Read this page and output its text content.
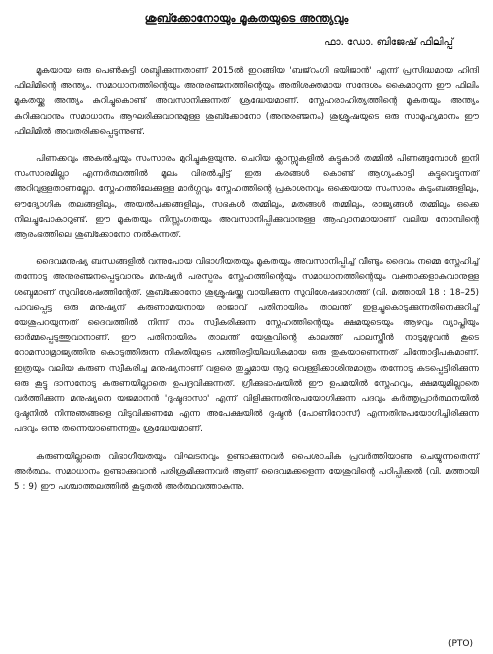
ശുബ്ക്കോനോയും മൂകതയുടെ അന്ത്യവും
ഫാ. ഡോ. ബിജേഷ് ഫിലിപ്പ്

മൂകയായ ഒരു പെൺകുട്ടി ശബ്ദിക്കുന്നതാണ് 2015ൽ ഇറങ്ങിയ 'ബജ്‌റംഗി ഭയിജാൻ' എന്ന് പ്രസിദ്ധമായ ഹിന്ദി ഫിലിമിന്റെ അന്ത്യം. സമാധാനത്തിന്റെയും അനുരഞ്ജനത്തിന്റെയും അതിശക്തമായ സന്ദേശം കൈമാറുന്ന ഈ ഫിലിം മൂകതയ്ക്കു അന്ത്യം കുറിച്ചുകൊണ്ട് അവസാനിക്കുന്നത് ശ്രദ്ധേയമാണ്. സ്നേഹരാഹിത്യത്തിന്റെ മൂകതയും അന്ത്യം കുറിക്കുവാനും സമാധാനം ആഘരിക്കുവാനുമുള്ള ശുബ്ക്കോനോ (അനുരഞ്ജനം) ശുശ്രൂഷയുടെ ഒരു സാമൂഹ്യമാനം ഈ ഫിലിമിൽ അവതരിക്കപ്പെടുന്നുണ്ട്.

പിണക്കവും അകൽച്ചയും സംസാരം മുറിച്ചുകളയുന്നു. ചെറിയ ക്ലാസ്സുകളിൽ കുട്ടുകാർ തമ്മിൽ പിണങ്ങുമ്പോൾ ഇനി സംസാരമില്ലാ എന്നർത്ഥത്തിൽ മൂലം വിരൽച്ചിട്ട് ഇരു കരങ്ങൾ കൊണ്ട് ആഗ്യംകാട്ടി കുട്ടുവെട്ടുന്നത് അറിവുള്ളതാണല്ലോ. സ്നേഹത്തിലേക്കുള്ള മാർഗ്ഗവും സ്നേഹത്തിന്റെ പ്രകാശനവും ഒക്കെയായ സംസാരം കുടുംബങ്ങളിലും, ഔദ്യോഗിക തലങ്ങളിലും, അയൽപക്കങ്ങളിലും, സഭകൾ തമ്മിലും, മതങ്ങൾ തമ്മിലും, രാജ്യങ്ങൾ തമ്മിലും ഒക്കെ നിലച്ചുപോകാറുണ്ട്. ഈ മൂകതയും നിസ്സംഗതയും അവസാനിപ്പിക്കുവാനുള്ള ആഹ്വാനമായാണ് വലിയ നോമ്പിന്റെ ആരംഭത്തിലെ ശുബ്ക്കോനോ നൽകുന്നത്.

ദൈവമനുഷ്യ ബന്ധങ്ങളിൽ വന്നുപോയ വിഭാഗീയതയും മൂകതയും അവസാനിപ്പിച്ച് വീണ്ടും ദൈവം നമ്മെ സ്നേഹിച്ച് തന്നോടു അനുരഞ്ജനപ്പെടുവാനും മനുഷ്യർ പരസ്പരം സ്നേഹത്തിന്റെയും സമാധാനത്തിന്റെയും വക്താക്കളാകുവാനുള്ള ശബ്ദമാണ് സുവിശേഷത്തിന്റേത്. ശുബ്ക്കോനോ ശുശ്രൂഷയ്ക്കു വായിക്കുന്ന സുവിശേഷഭാഗത്ത് (വി. മത്തായി 18 : 18–25) പാവപ്പെട്ട ഒരു മനുഷ്യന് കരുണാമയനായ രാജാവ് പതിനായിരം താലന്ത് ഇളച്ചുകൊടുക്കുന്നതിനെക്കുറിച്ച് യേശുപറയുന്നത് ദൈവത്തിൽ നിന്ന് നാം സ്വീകരിക്കുന്ന സ്നേഹത്തിന്റെയും ക്ഷമയുടെയും ആഴവും വ്യാപ്തിയും ഓർമ്മപ്പെടുത്തുവാനാണ്. ഈ പതിനായിരം താലന്ത് യേശുവിന്റെ കാലത്ത് പാലസ്തീൻ നാടുമുഴുവൻ കൂടെ റോമസാമ്രാജ്യത്തിനു കൊടുത്തിരുന്ന നികുതിയുടെ പത്തിരട്ടിയിലധികമായ ഒരു തുകയാണെന്നത് ചിന്തോദ്ദീപകമാണ്. ഇത്രയും വലിയ കരുണ സ്വീകരിച്ച മനുഷ്യനാണ് വളരെ തുച്ഛമായ നൂറു വെള്ളിക്കാശിനുമാത്രം തന്നോടു കടപ്പെട്ടിരിക്കുന്ന ഒരു കൂട്ടു ദാസനോടു കരുണയില്ലാതെ ഉപദ്രവിക്കുന്നത്. ഗ്രീക്കുഭാഷയിൽ ഈ ഉപമയിൽ സ്നേഹവും, ക്ഷമയുമില്ലാതെ വർത്തിക്കുന്ന മനുഷ്യനെ യജമാനൻ 'ദുഷ്ടദാസാ' എന്ന് വിളിക്കുന്നതിനുപയോഗിക്കുന്ന പദവും കർത്തൃപ്രാർത്ഥനയിൽ ദുഷ്ടനിൽ നിന്നുഞങ്ങളെ വിടുവിക്കണമേ എന്ന അപേക്ഷയിൽ ദുഷ്ടൻ (പോണിറോസ്) എന്നതിനുപയോഗിച്ചിരിക്കുന്ന പദവും ഒന്നു തന്നെയാണെന്നതും ശ്രദ്ധേയമാണ്.

കരുണയില്ലാതെ വിഭാഗീയതയും വിഘടനവും ഉണ്ടാക്കുന്നവർ പൈശാചിക പ്രവർത്തിയാണു ചെയ്യുന്നതെന്ന് അർത്ഥം. സമാധാനം ഉണ്ടാക്കുവാൻ പരിശ്രമിക്കുന്നവർ ആണ് ദൈവമക്കളെന്ന യേശുവിന്റെ പഠിപ്പിക്കൽ (വി. മത്തായി 5 : 9) ഈ പശ്ചാത്തലത്തിൽ കൂടുതൽ അർത്ഥവത്താകുന്നു.

(PTO)
